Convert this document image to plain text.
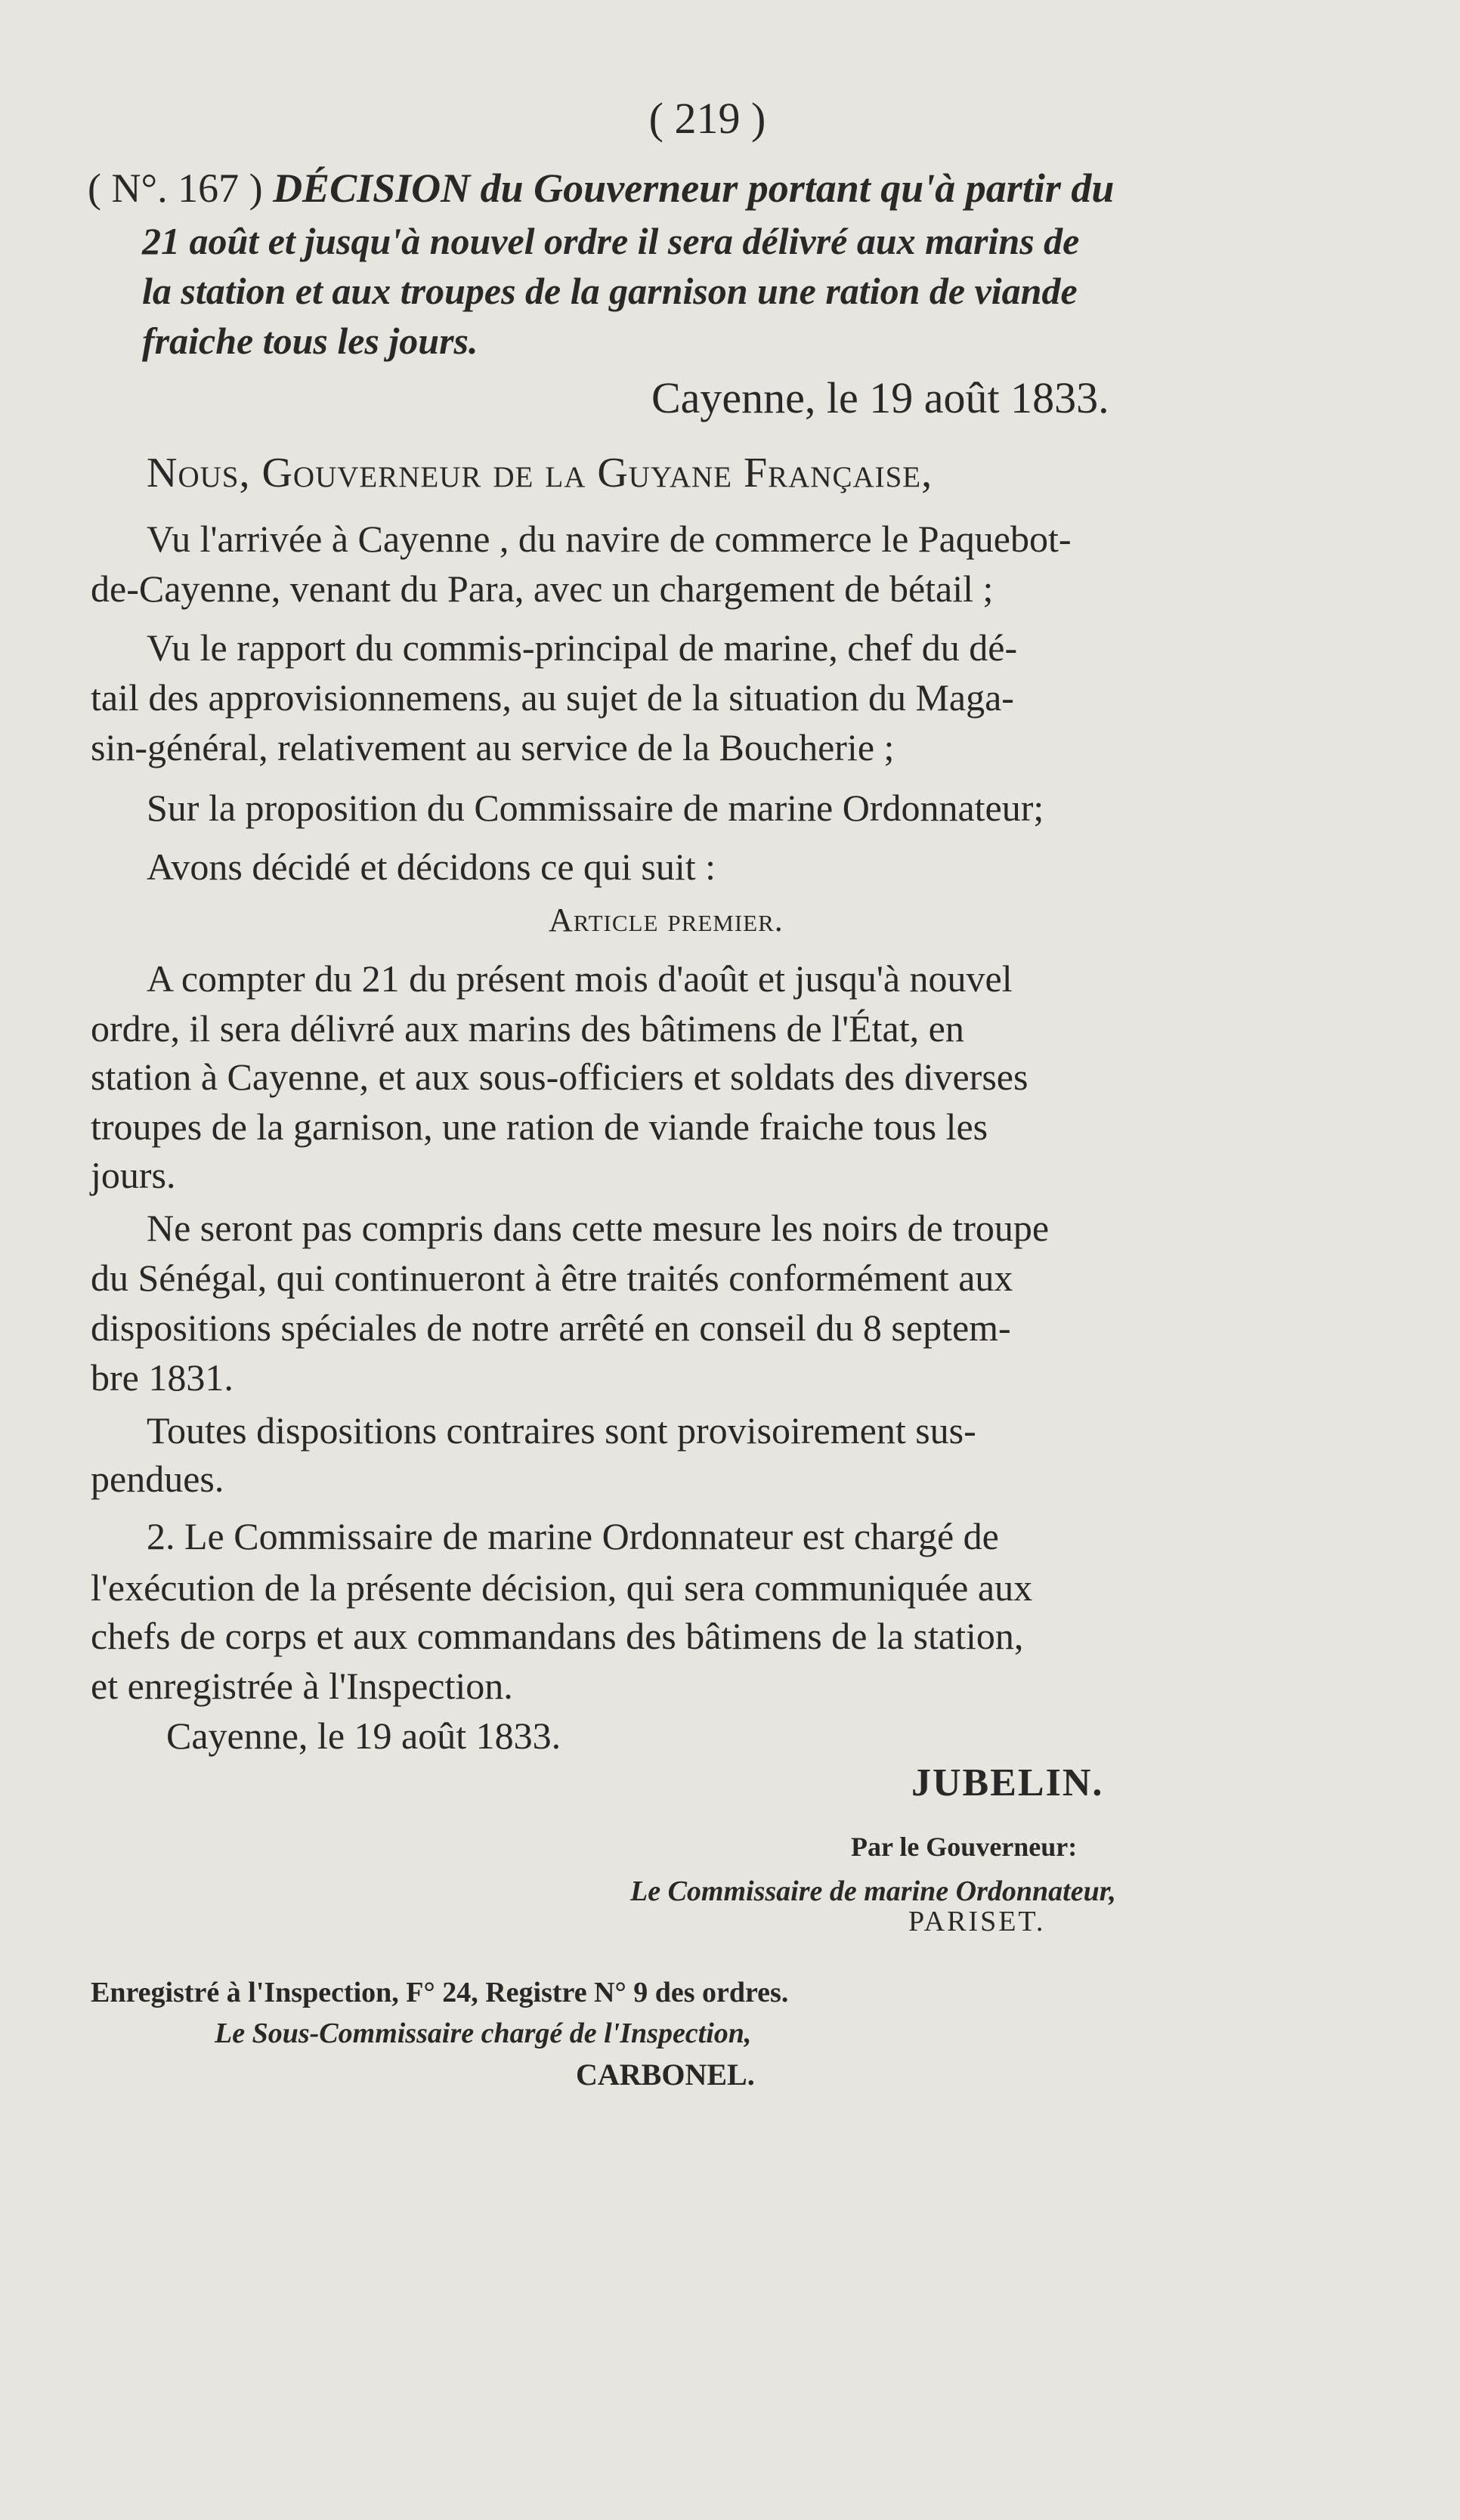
( 219 )
( N°. 167 ) DÉCISION du Gouverneur portant qu'à partir du
21 août et jusqu'à nouvel ordre il sera délivré aux marins de
la station et aux troupes de la garnison une ration de viande
fraiche tous les jours.
Cayenne, le 19 août 1833.
Nous, Gouverneur de la Guyane Française,
Vu l'arrivée à Cayenne , du navire de commerce le Paquebot-
de-Cayenne, venant du Para, avec un chargement de bétail ;
Vu le rapport du commis-principal de marine, chef du dé-
tail des approvisionnemens, au sujet de la situation du Maga-
sin-général, relativement au service de la Boucherie ;
Sur la proposition du Commissaire de marine Ordonnateur;
Avons décidé et décidons ce qui suit :
Article premier.
A compter du 21 du présent mois d'août et jusqu'à nouvel
ordre, il sera délivré aux marins des bâtimens de l'État, en
station à Cayenne, et aux sous-officiers et soldats des diverses
troupes de la garnison, une ration de viande fraiche tous les
jours.
Ne seront pas compris dans cette mesure les noirs de troupe
du Sénégal, qui continueront à être traités conformément aux
dispositions spéciales de notre arrêté en conseil du 8 septem-
bre 1831.
Toutes dispositions contraires sont provisoirement sus-
pendues.
2. Le Commissaire de marine Ordonnateur est chargé de
l'exécution de la présente décision, qui sera communiquée aux
chefs de corps et aux commandans des bâtimens de la station,
et enregistrée à l'Inspection.
Cayenne, le 19 août 1833.
JUBELIN.
Par le Gouverneur:
Le Commissaire de marine Ordonnateur,
PARISET.
Enregistré à l'Inspection, F° 24, Registre N° 9 des ordres.
Le Sous-Commissaire chargé de l'Inspection,
CARBONEL.
